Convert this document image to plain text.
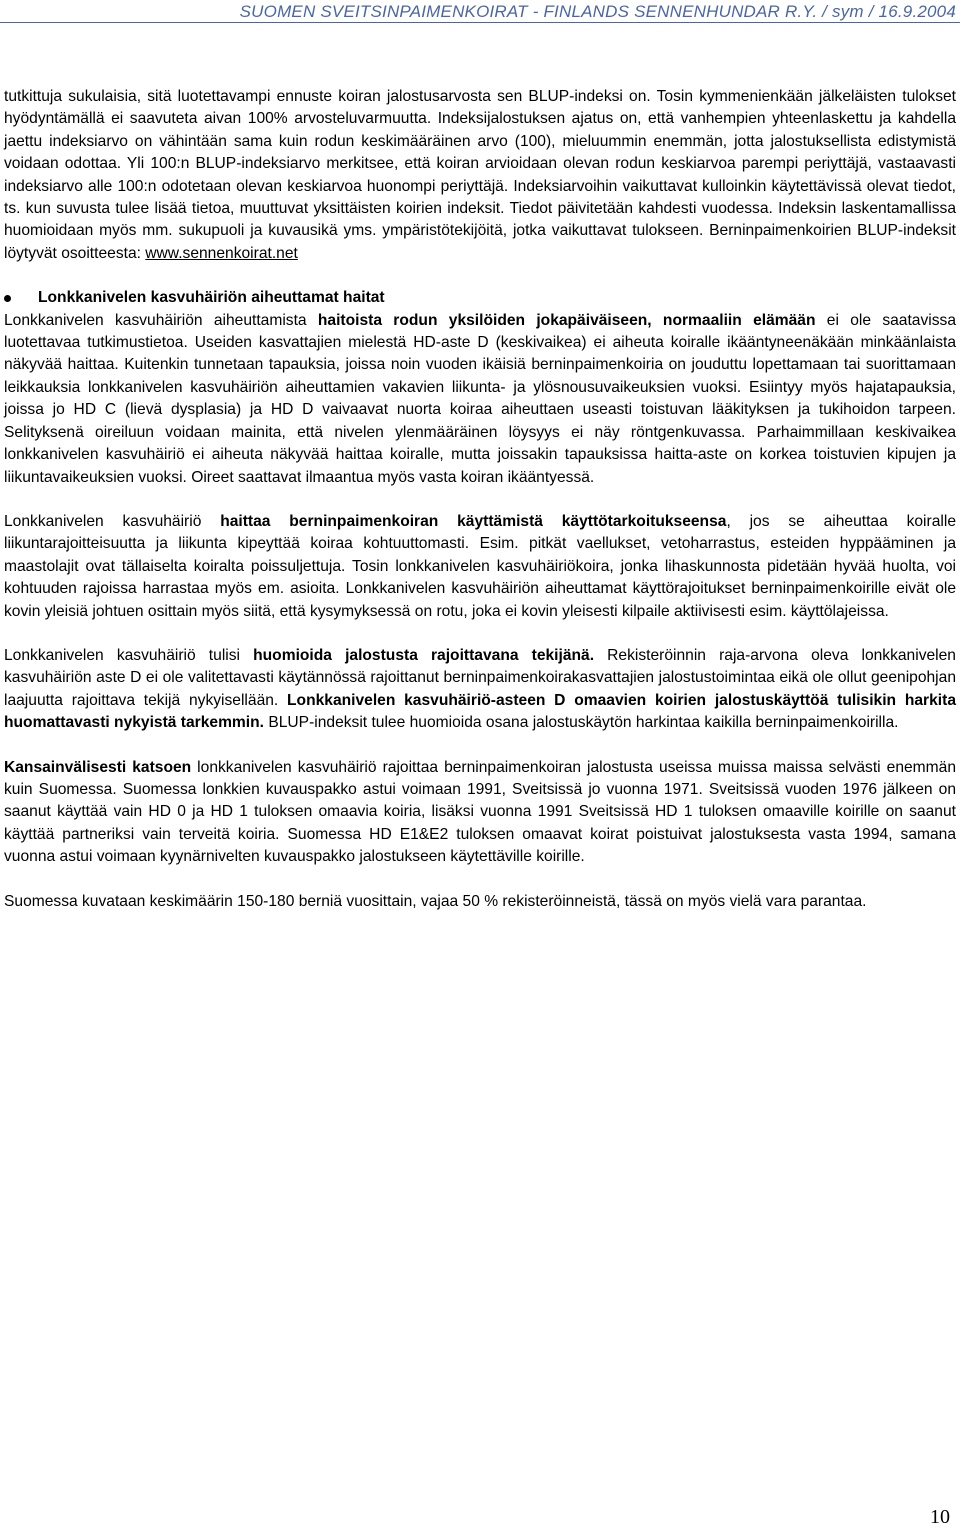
SUOMEN SVEITSINPAIMENKOIRAT - FINLANDS SENNENHUNDAR R.Y. / sym / 16.9.2004

tutkittuja sukulaisia, sitä luotettavampi ennuste koiran jalostusarvosta sen BLUP-indeksi on. Tosin kymmenienkään jälkeläisten tulokset hyödyntämällä ei saavuteta aivan 100% arvosteluvarmuutta. Indeksijalostuksen ajatus on, että vanhempien yhteenlaskettu ja kahdella jaettu indeksiarvo on vähintään sama kuin rodun keskimääräinen arvo (100), mieluummin enemmän, jotta jalostuksellista edistymistä voidaan odottaa. Yli 100:n BLUP-indeksiarvo merkitsee, että koiran arvioidaan olevan rodun keskiarvoa parempi periyttäjä, vastaavasti indeksiarvo alle 100:n odotetaan olevan keskiarvoa huonompi periyttäjä. Indeksiarvoihin vaikuttavat kulloinkin käytettävissä olevat tiedot, ts. kun suvusta tulee lisää tietoa, muuttuvat yksittäisten koirien indeksit. Tiedot päivitetään kahdesti vuodessa. Indeksin laskentamallissa huomioidaan myös mm. sukupuoli ja kuvausikä yms. ympäristötekijöitä, jotka vaikuttavat tulokseen. Berninpaimenkoirien BLUP-indeksit löytyvät osoitteesta: www.sennenkoirat.net

Lonkkanivelen kasvuhäiriön aiheuttamat haitat

Lonkkanivelen kasvuhäiriön aiheuttamista haitoista rodun yksilöiden jokapäiväiseen, normaaliin elämään ei ole saatavissa luotettavaa tutkimustietoa. Useiden kasvattajien mielestä HD-aste D (keskivaikea) ei aiheuta koiralle ikääntyneenäkään minkäänlaista näkyvää haittaa. Kuitenkin tunnetaan tapauksia, joissa noin vuoden ikäisiä berninpaimenkoiria on jouduttu lopettamaan tai suorittamaan leikkauksia lonkkanivelen kasvuhäiriön aiheuttamien vakavien liikunta- ja ylösnousuvaikeuksien vuoksi. Esiintyy myös hajatapauksia, joissa jo HD C (lievä dysplasia) ja HD D vaivaavat nuorta koiraa aiheuttaen useasti toistuvan lääkityksen ja tukihoidon tarpeen. Selityksenä oireiluun voidaan mainita, että nivelen ylenmääräinen löysyys ei näy röntgenkuvassa. Parhaimmillaan keskivaikea lonkkanivelen kasvuhäiriö ei aiheuta näkyvää haittaa koiralle, mutta joissakin tapauksissa haitta-aste on korkea toistuvien kipujen ja liikuntavaikeuksien vuoksi. Oireet saattavat ilmaantua myös vasta koiran ikääntyessä.

Lonkkanivelen kasvuhäiriö haittaa berninpaimenkoiran käyttämistä käyttötarkoitukseensa, jos se aiheuttaa koiralle liikuntarajoitteisuutta ja liikunta kipeyttää koiraa kohtuuttomasti. Esim. pitkät vaellukset, vetoharrastus, esteiden hyppääminen ja maastolajit ovat tällaiselta koiralta poissuljettuja. Tosin lonkkanivelen kasvuhäiriökoira, jonka lihaskunnosta pidetään hyvää huolta, voi kohtuuden rajoissa harrastaa myös em. asioita. Lonkkanivelen kasvuhäiriön aiheuttamat käyttörajoitukset berninpaimenkoirille eivät ole kovin yleisiä johtuen osittain myös siitä, että kysymyksessä on rotu, joka ei kovin yleisesti kilpaile aktiivisesti esim. käyttölajeissa.

Lonkkanivelen kasvuhäiriö tulisi huomioida jalostusta rajoittavana tekijänä. Rekisteröinnin raja-arvona oleva lonkkanivelen kasvuhäiriön aste D ei ole valitettavasti käytännössä rajoittanut berninpaimenkoirakasvattajien jalostustoimintaa eikä ole ollut geenipohjan laajuutta rajoittava tekijä nykyisellään. Lonkkanivelen kasvuhäiriö-asteen D omaavien koirien jalostuskäyttöä tulisikin harkita huomattavasti nykyistä tarkemmin. BLUP-indeksit tulee huomioida osana jalostuskäytön harkintaa kaikilla berninpaimenkoirilla.

Kansainvälisesti katsoen lonkkanivelen kasvuhäiriö rajoittaa berninpaimenkoiran jalostusta useissa muissa maissa selvästi enemmän kuin Suomessa. Suomessa lonkkien kuvauspakko astui voimaan 1991, Sveitsissä jo vuonna 1971. Sveitsissä vuoden 1976 jälkeen on saanut käyttää vain HD 0 ja HD 1 tuloksen omaavia koiria, lisäksi vuonna 1991 Sveitsissä HD 1 tuloksen omaaville koirille on saanut käyttää partneriksi vain terveitä koiria. Suomessa HD E1&E2 tuloksen omaavat koirat poistuivat jalostuksesta vasta 1994, samana vuonna astui voimaan kyynärnivelten kuvauspakko jalostukseen käytettäville koirille.

Suomessa kuvataan keskimäärin 150-180 berniä vuosittain, vajaa 50 % rekisteröinneistä, tässä on myös vielä vara parantaa.

10
